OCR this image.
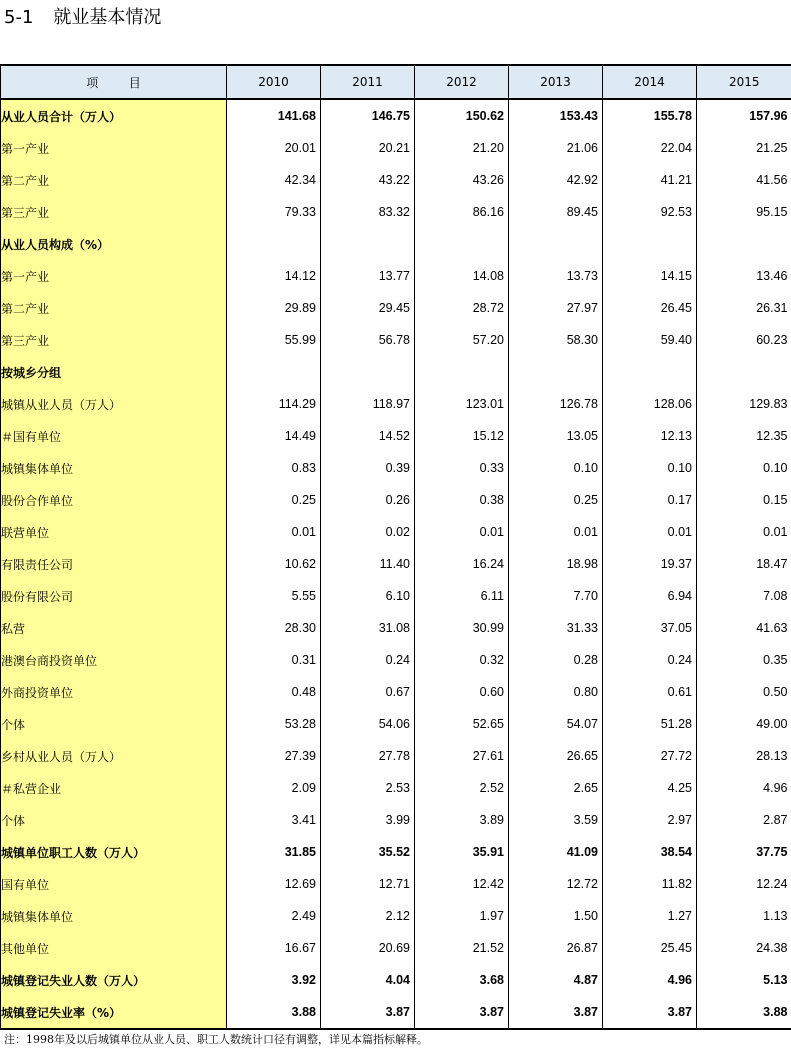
5-1 就业基本情况
项        目	2010	2011	2012	2013	2014	2015
从业人员合计（万人）	141.68	146.75	150.62	153.43	155.78	157.96
第一产业	20.01	20.21	21.20	21.06	22.04	21.25
第二产业	42.34	43.22	43.26	42.92	41.21	41.56
第三产业	79.33	83.32	86.16	89.45	92.53	95.15
从业人员构成（%）						
第一产业	14.12	13.77	14.08	13.73	14.15	13.46
第二产业	29.89	29.45	28.72	27.97	26.45	26.31
第三产业	55.99	56.78	57.20	58.30	59.40	60.23
按城乡分组						
城镇从业人员（万人）	114.29	118.97	123.01	126.78	128.06	129.83
＃国有单位	14.49	14.52	15.12	13.05	12.13	12.35
城镇集体单位	0.83	0.39	0.33	0.10	0.10	0.10
股份合作单位	0.25	0.26	0.38	0.25	0.17	0.15
联营单位	0.01	0.02	0.01	0.01	0.01	0.01
有限责任公司	10.62	11.40	16.24	18.98	19.37	18.47
股份有限公司	5.55	6.10	6.11	7.70	6.94	7.08
私营	28.30	31.08	30.99	31.33	37.05	41.63
港澳台商投资单位	0.31	0.24	0.32	0.28	0.24	0.35
外商投资单位	0.48	0.67	0.60	0.80	0.61	0.50
个体	53.28	54.06	52.65	54.07	51.28	49.00
乡村从业人员（万人）	27.39	27.78	27.61	26.65	27.72	28.13
＃私营企业	2.09	2.53	2.52	2.65	4.25	4.96
个体	3.41	3.99	3.89	3.59	2.97	2.87
城镇单位职工人数（万人）	31.85	35.52	35.91	41.09	38.54	37.75
国有单位	12.69	12.71	12.42	12.72	11.82	12.24
城镇集体单位	2.49	2.12	1.97	1.50	1.27	1.13
其他单位	16.67	20.69	21.52	26.87	25.45	24.38
城镇登记失业人数（万人）	3.92	4.04	3.68	4.87	4.96	5.13
城镇登记失业率（%）	3.88	3.87	3.87	3.87	3.87	3.88
注：1998年及以后城镇单位从业人员、职工人数统计口径有调整，详见本篇指标解释。
